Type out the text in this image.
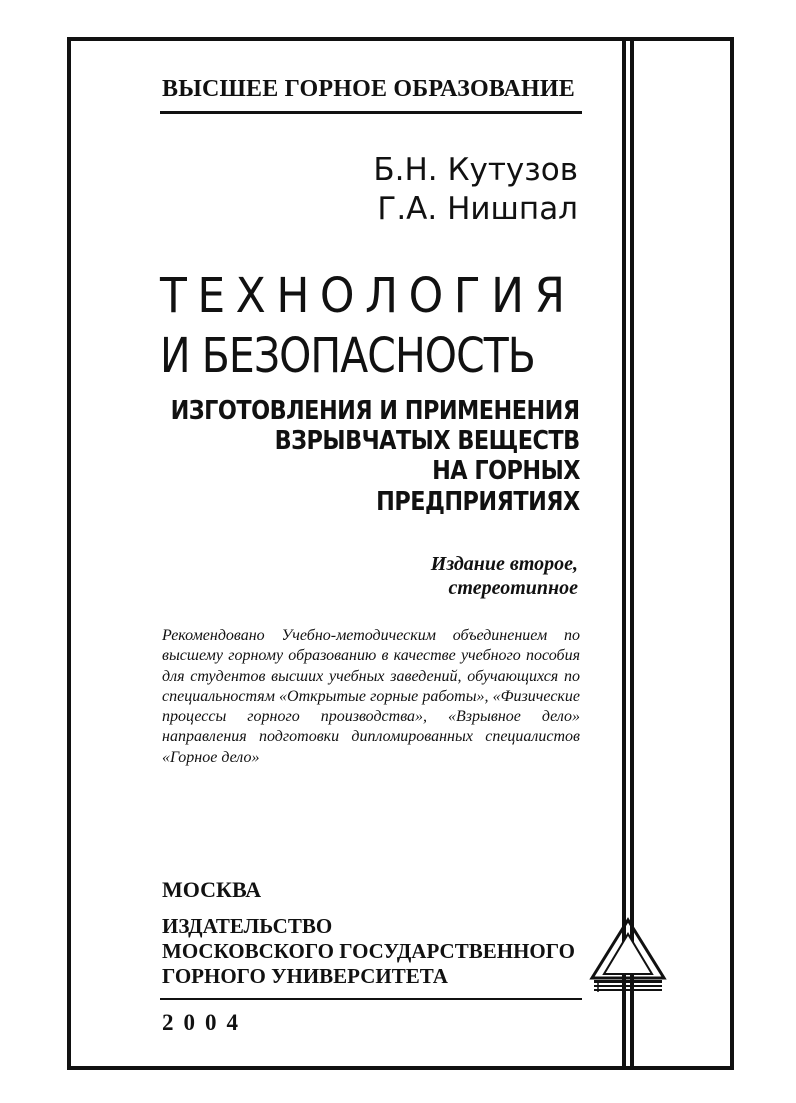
ВЫСШЕЕ ГОРНОЕ ОБРАЗОВАНИЕ
Б.Н. Кутузов
Г.А. Нишпал
ТЕХНОЛОГИЯ
И БЕЗОПАСНОСТЬ
ИЗГОТОВЛЕНИЯ И ПРИМЕНЕНИЯ
ВЗРЫВЧАТЫХ ВЕЩЕСТВ
НА ГОРНЫХ
ПРЕДПРИЯТИЯХ
Издание второе,
стереотипное
Рекомендовано Учебно-методическим объединением по высшему горному образованию в качестве учебного пособия для студентов высших учебных заведений, обучающихся по специальностям «Открытые горные работы», «Физические процессы горного производства», «Взрывное дело» направления подготовки дипломированных специалистов «Горное дело»
МОСКВА
ИЗДАТЕЛЬСТВО
МОСКОВСКОГО ГОСУДАРСТВЕННОГО
ГОРНОГО УНИВЕРСИТЕТА
2004
